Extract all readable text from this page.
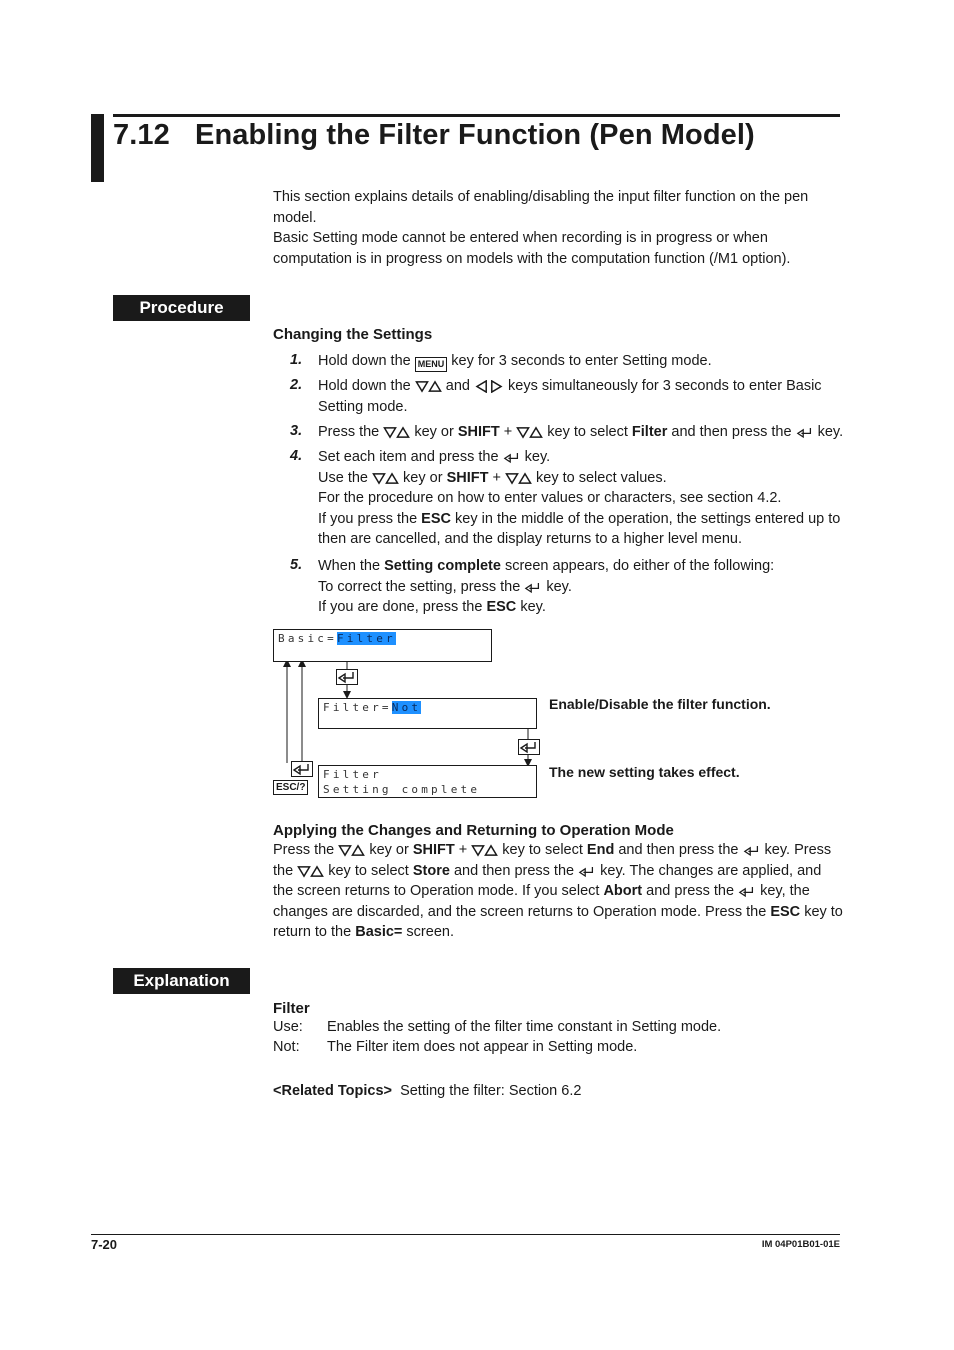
7.12 Enabling the Filter Function (Pen Model)
This section explains details of enabling/disabling the input filter function on the pen
model.
Basic Setting mode cannot be entered when recording is in progress or when
computation is in progress on models with the computation function (/M1 option).
Procedure
Changing the Settings
1. Hold down the MENU key for 3 seconds to enter Setting mode.
2. Hold down the and	keys simultaneously for 3 seconds to enter Basic
Setting mode.
3. Press the key or SHIFT + key to select Filter and then press the key.
4. Set each item and press the key.
Use the key or SHIFT + key to select values.
For the procedure on how to enter values or characters, see section 4.2.
If you press the ESC key in the middle of the operation, the settings entered up to
then are cancelled, and the display returns to a higher level menu.
5. When the Setting complete screen appears, do either of the following:
To correct the setting, press the key.
If you are done, press the ESC key.
Basic=Filter
Filter=Not	Enable/Disable the filter function.
ESC/?
Filter
Setting complete
The new setting takes effect.
Applying the Changes and Returning to Operation Mode
Press the key or SHIFT + key to select End and then press the key. Press
the key to select Store and then press the key. The changes are applied, and
the screen returns to Operation mode. If you select Abort and press the key, the
changes are discarded, and the screen returns to Operation mode. Press the ESC key to
return to the Basic= screen.
Explanation
Filter
Use: Enables the setting of the filter time constant in Setting mode.
Not: The Filter item does not appear in Setting mode.
<Related Topics> Setting the filter: Section 6.2
7-20	IM 04P01B01-01E
